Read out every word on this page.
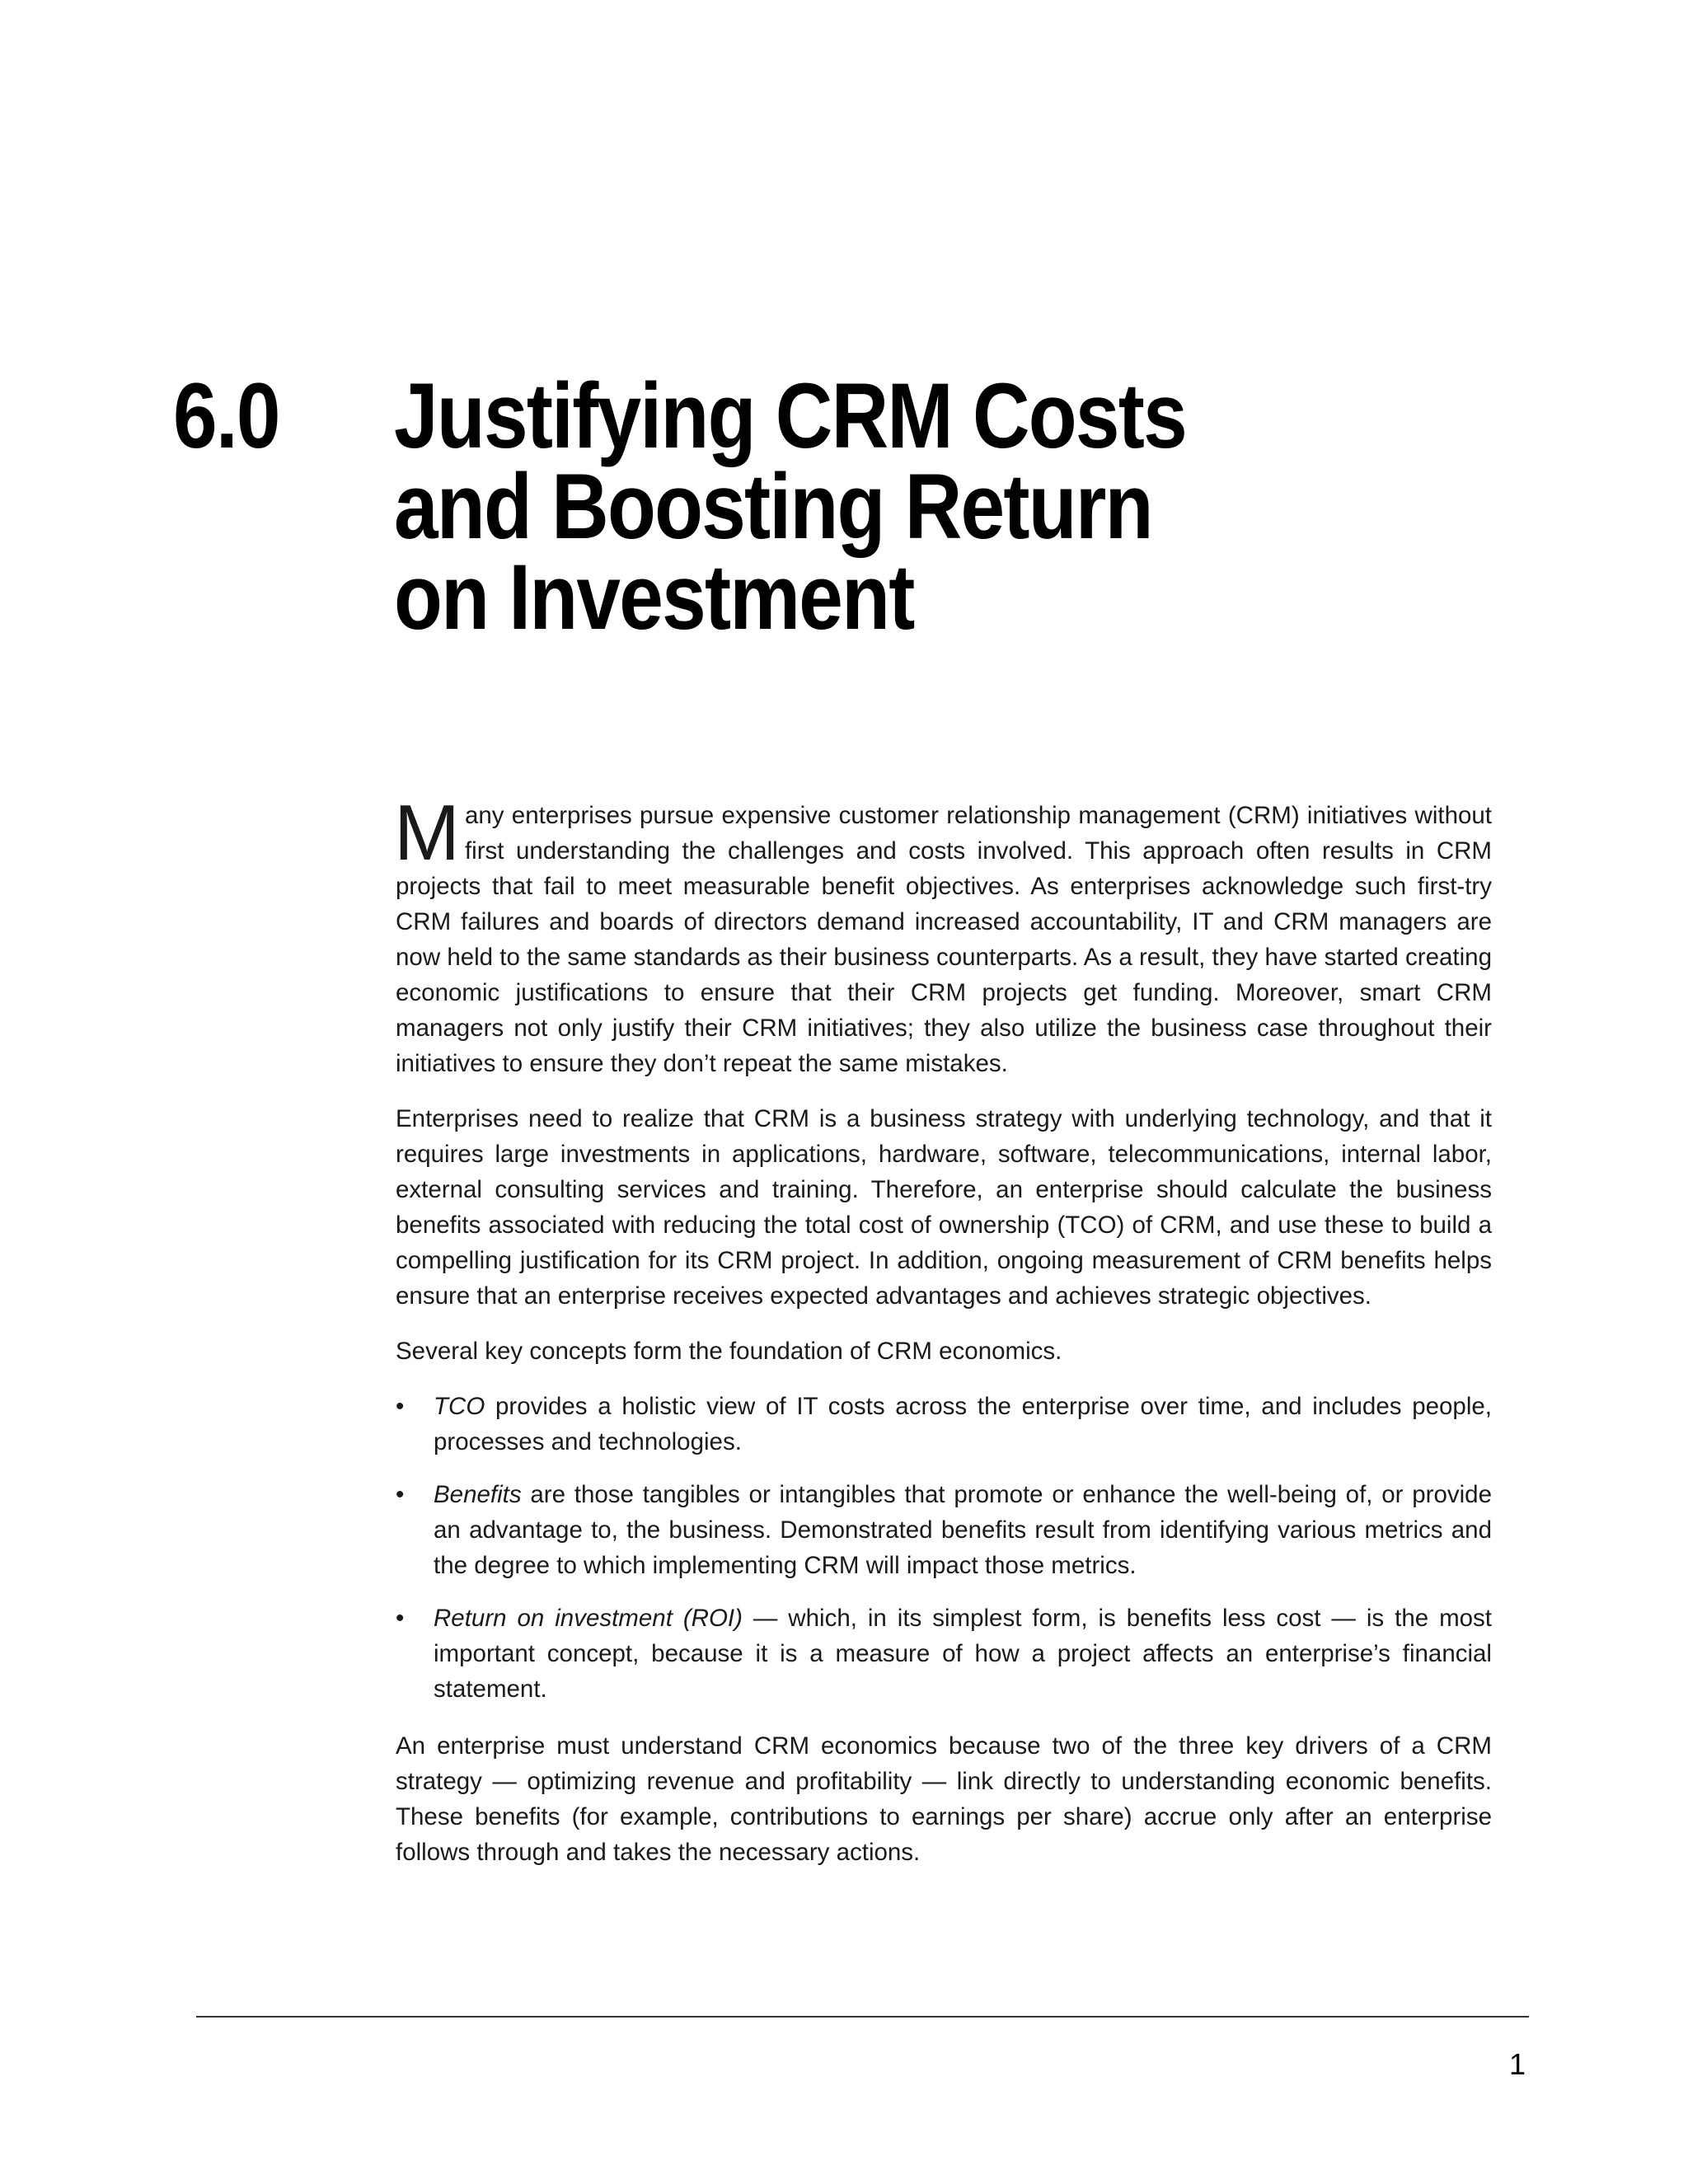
6.0	Justifying CRM Costs
and Boosting Return
on Investment

Many enterprises pursue expensive customer relationship management (CRM) initiatives without first understanding the challenges and costs involved. This approach often results in CRM projects that fail to meet measurable benefit objectives. As enterprises acknowledge such first-try CRM failures and boards of directors demand increased accountability, IT and CRM managers are now held to the same standards as their business counterparts. As a result, they have started creating economic justifications to ensure that their CRM projects get funding. Moreover, smart CRM managers not only justify their CRM initiatives; they also utilize the business case throughout their initiatives to ensure they don’t repeat the same mistakes.

Enterprises need to realize that CRM is a business strategy with underlying technology, and that it requires large investments in applications, hardware, software, telecommunications, internal labor, external consulting services and training. Therefore, an enterprise should calculate the business benefits associated with reducing the total cost of ownership (TCO) of CRM, and use these to build a compelling justification for its CRM project. In addition, ongoing measurement of CRM benefits helps ensure that an enterprise receives expected advantages and achieves strategic objectives.

Several key concepts form the foundation of CRM economics.

• TCO provides a holistic view of IT costs across the enterprise over time, and includes people, processes and technologies.
• Benefits are those tangibles or intangibles that promote or enhance the well-being of, or provide an advantage to, the business. Demonstrated benefits result from identifying various metrics and the degree to which implementing CRM will impact those metrics.
• Return on investment (ROI) — which, in its simplest form, is benefits less cost — is the most important concept, because it is a measure of how a project affects an enterprise’s financial statement.

An enterprise must understand CRM economics because two of the three key drivers of a CRM strategy — optimizing revenue and profitability — link directly to understanding economic benefits. These benefits (for example, contributions to earnings per share) accrue only after an enterprise follows through and takes the necessary actions.

1
